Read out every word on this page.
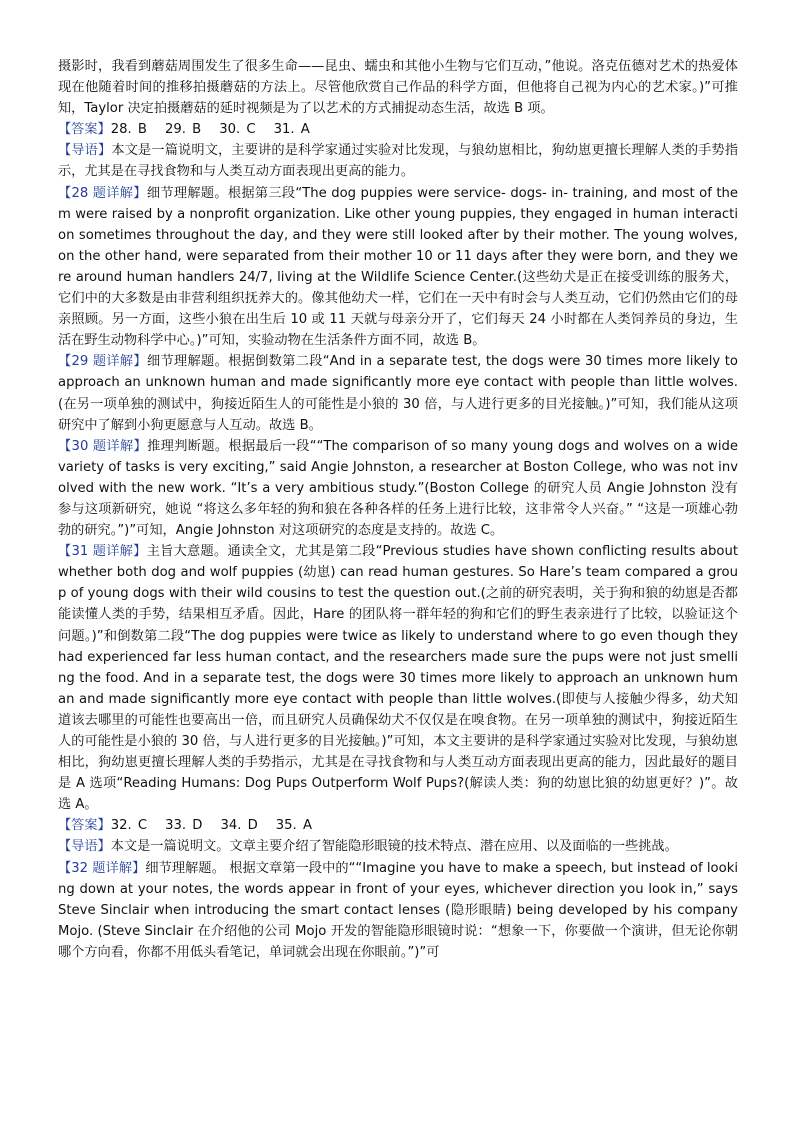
摄影时，我看到蘑菇周围发生了很多生命——昆虫、蠕虫和其他小生物与它们互动，”他说。洛克伍德对艺术的热爱体现在他随着时间的推移拍摄蘑菇的方法上。尽管他欣赏自己作品的科学方面，但他将自己视为内心的艺术家。)”可推知，Taylor 决定拍摄蘑菇的延时视频是为了以艺术的方式捕捉动态生活，故选 B 项。

【答案】28. B 29. B 30. C 31. A

【导语】本文是一篇说明文，主要讲的是科学家通过实验对比发现，与狼幼崽相比，狗幼崽更擅长理解人类的手势指示，尤其是在寻找食物和与人类互动方面表现出更高的能力。

【28 题详解】细节理解题。根据第三段“The dog puppies were service- dogs- in- training, and most of them were raised by a nonprofit organization. Like other young puppies, they engaged in human interaction sometimes throughout the day, and they were still looked after by their mother. The young wolves, on the other hand, were separated from their mother 10 or 11 days after they were born, and they were around human handlers 24/7, living at the Wildlife Science Center.(这些幼犬是正在接受训练的服务犬，它们中的大多数是由非营利组织抚养大的。像其他幼犬一样，它们在一天中有时会与人类互动，它们仍然由它们的母亲照顾。另一方面，这些小狼在出生后 10 或 11 天就与母亲分开了，它们每天 24 小时都在人类饲养员的身边，生活在野生动物科学中心。)”可知，实验动物在生活条件方面不同，故选 B。

【29 题详解】细节理解题。根据倒数第二段“And in a separate test, the dogs were 30 times more likely to approach an unknown human and made significantly more eye contact with people than little wolves.(在另一项单独的测试中，狗接近陌生人的可能性是小狼的 30 倍，与人进行更多的目光接触。)”可知，我们能从这项研究中了解到小狗更愿意与人互动。故选 B。

【30 题详解】推理判断题。根据最后一段““The comparison of so many young dogs and wolves on a wide variety of tasks is very exciting,” said Angie Johnston, a researcher at Boston College, who was not involved with the new work. “It’s a very ambitious study.”(Boston College 的研究人员 Angie Johnston 没有参与这项新研究，她说 “将这么多年轻的狗和狼在各种各样的任务上进行比较，这非常令人兴奋。” “这是一项雄心勃勃的研究。”)”可知，Angie Johnston 对这项研究的态度是支持的。故选 C。

【31 题详解】主旨大意题。通读全文，尤其是第二段“Previous studies have shown conflicting results about whether both dog and wolf puppies (幼崽) can read human gestures. So Hare’s team compared a group of young dogs with their wild cousins to test the question out.(之前的研究表明，关于狗和狼的幼崽是否都能读懂人类的手势，结果相互矛盾。因此，Hare 的团队将一群年轻的狗和它们的野生表亲进行了比较，以验证这个问题。)”和倒数第二段“The dog puppies were twice as likely to understand where to go even though they had experienced far less human contact, and the researchers made sure the pups were not just smelling the food. And in a separate test, the dogs were 30 times more likely to approach an unknown human and made significantly more eye contact with people than little wolves.(即使与人接触少得多，幼犬知道该去哪里的可能性也要高出一倍，而且研究人员确保幼犬不仅仅是在嗅食物。在另一项单独的测试中，狗接近陌生人的可能性是小狼的 30 倍，与人进行更多的目光接触。)”可知，本文主要讲的是科学家通过实验对比发现，与狼幼崽相比，狗幼崽更擅长理解人类的手势指示，尤其是在寻找食物和与人类互动方面表现出更高的能力，因此最好的题目是 A 选项“Reading Humans: Dog Pups Outperform Wolf Pups?(解读人类：狗的幼崽比狼的幼崽更好？)”。故选 A。

【答案】32. C 33. D 34. D 35. A

【导语】本文是一篇说明文。文章主要介绍了智能隐形眼镜的技术特点、潜在应用、以及面临的一些挑战。

【32 题详解】细节理解题。 根据文章第一段中的““Imagine you have to make a speech, but instead of looking down at your notes, the words appear in front of your eyes, whichever direction you look in,” says Steve Sinclair when introducing the smart contact lenses (隐形眼睛) being developed by his company Mojo. (Steve Sinclair 在介绍他的公司 Mojo 开发的智能隐形眼镜时说：“想象一下，你要做一个演讲，但无论你朝哪个方向看，你都不用低头看笔记，单词就会出现在你眼前。”)”可
